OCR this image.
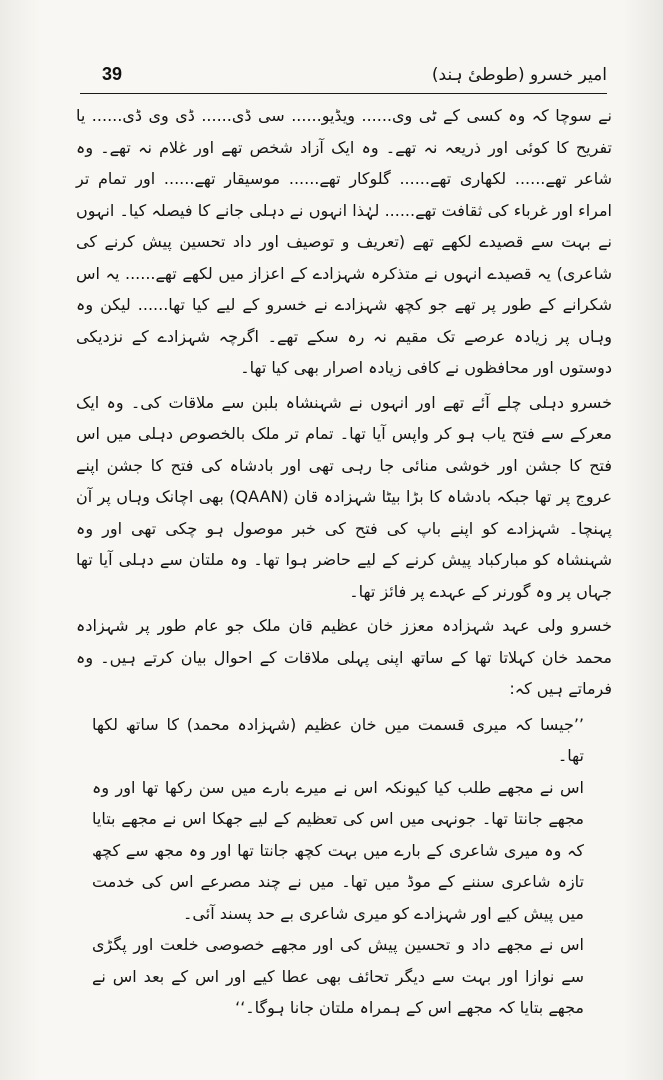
39	امیر خسرو (طوطیٔ ہند)

نے سوچا کہ وہ کسی کے ٹی وی...... ویڈیو...... سی ڈی...... ڈی وی ڈی...... یا تفریح کا کوئی اور ذریعہ نہ تھے۔ وہ ایک آزاد شخص تھے اور غلام نہ تھے۔ وہ شاعر تھے...... لکھاری تھے...... گلوکار تھے...... موسیقار تھے...... اور تمام تر امراء اور غرباء کی ثقافت تھے...... لہٰذا انہوں نے دہلی جانے کا فیصلہ کیا۔ انہوں نے بہت سے قصیدے لکھے تھے (تعریف و توصیف اور داد تحسین پیش کرنے کی شاعری) یہ قصیدے انہوں نے متذکرہ شہزادے کے اعزاز میں لکھے تھے...... یہ اس شکرانے کے طور پر تھے جو کچھ شہزادے نے خسرو کے لیے کیا تھا...... لیکن وہ وہاں پر زیادہ عرصے تک مقیم نہ رہ سکے تھے۔ اگرچہ شہزادے کے نزدیکی دوستوں اور محافظوں نے کافی زیادہ اصرار بھی کیا تھا۔

خسرو دہلی چلے آئے تھے اور انہوں نے شہنشاہ بلبن سے ملاقات کی۔ وہ ایک معرکے سے فتح یاب ہو کر واپس آیا تھا۔ تمام تر ملک بالخصوص دہلی میں اس فتح کا جشن اور خوشی منائی جا رہی تھی اور بادشاہ کی فتح کا جشن اپنے عروج پر تھا جبکہ بادشاہ کا بڑا بیٹا شہزادہ قان (QAAN) بھی اچانک وہاں پر آن پہنچا۔ شہزادے کو اپنے باپ کی فتح کی خبر موصول ہو چکی تھی اور وہ شہنشاہ کو مبارکباد پیش کرنے کے لیے حاضر ہوا تھا۔ وہ ملتان سے دہلی آیا تھا جہاں پر وہ گورنر کے عہدے پر فائز تھا۔

خسرو ولی عہد شہزادہ معزز خان عظیم قان ملک جو عام طور پر شہزادہ محمد خان کہلاتا تھا کے ساتھ اپنی پہلی ملاقات کے احوال بیان کرتے ہیں۔ وہ فرماتے ہیں کہ:

’’جیسا کہ میری قسمت میں خان عظیم (شہزادہ محمد) کا ساتھ لکھا تھا۔

اس نے مجھے طلب کیا کیونکہ اس نے میرے بارے میں سن رکھا تھا اور وہ مجھے جانتا تھا۔ جونہی میں اس کی تعظیم کے لیے جھکا اس نے مجھے بتایا کہ وہ میری شاعری کے بارے میں بہت کچھ جانتا تھا اور وہ مجھ سے کچھ تازہ شاعری سننے کے موڈ میں تھا۔ میں نے چند مصرعے اس کی خدمت میں پیش کیے اور شہزادے کو میری شاعری بے حد پسند آئی۔

اس نے مجھے داد و تحسین پیش کی اور مجھے خصوصی خلعت اور پگڑی سے نوازا اور بہت سے دیگر تحائف بھی عطا کیے اور اس کے بعد اس نے مجھے بتایا کہ مجھے اس کے ہمراہ ملتان جانا ہوگا۔‘‘
